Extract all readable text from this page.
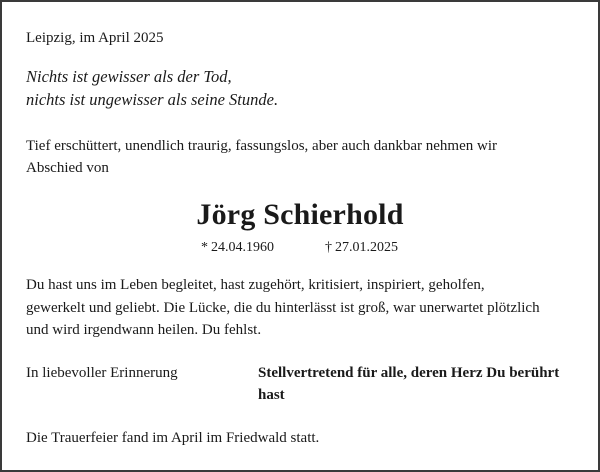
Leipzig, im April 2025
Nichts ist gewisser als der Tod,
nichts ist ungewisser als seine Stunde.
Tief erschüttert, unendlich traurig, fassungslos, aber auch dankbar nehmen wir
Abschied von
Jörg Schierhold
* 24.04.1960	† 27.01.2025
Du hast uns im Leben begleitet, hast zugehört, kritisiert, inspiriert, geholfen,
gewerkelt und geliebt. Die Lücke, die du hinterlässt ist groß, war unerwartet plötzlich
und wird irgendwann heilen. Du fehlst.
In liebevoller Erinnerung	Stellvertretend für alle, deren Herz Du berührt
hast
Die Trauerfeier fand im April im Friedwald statt.
